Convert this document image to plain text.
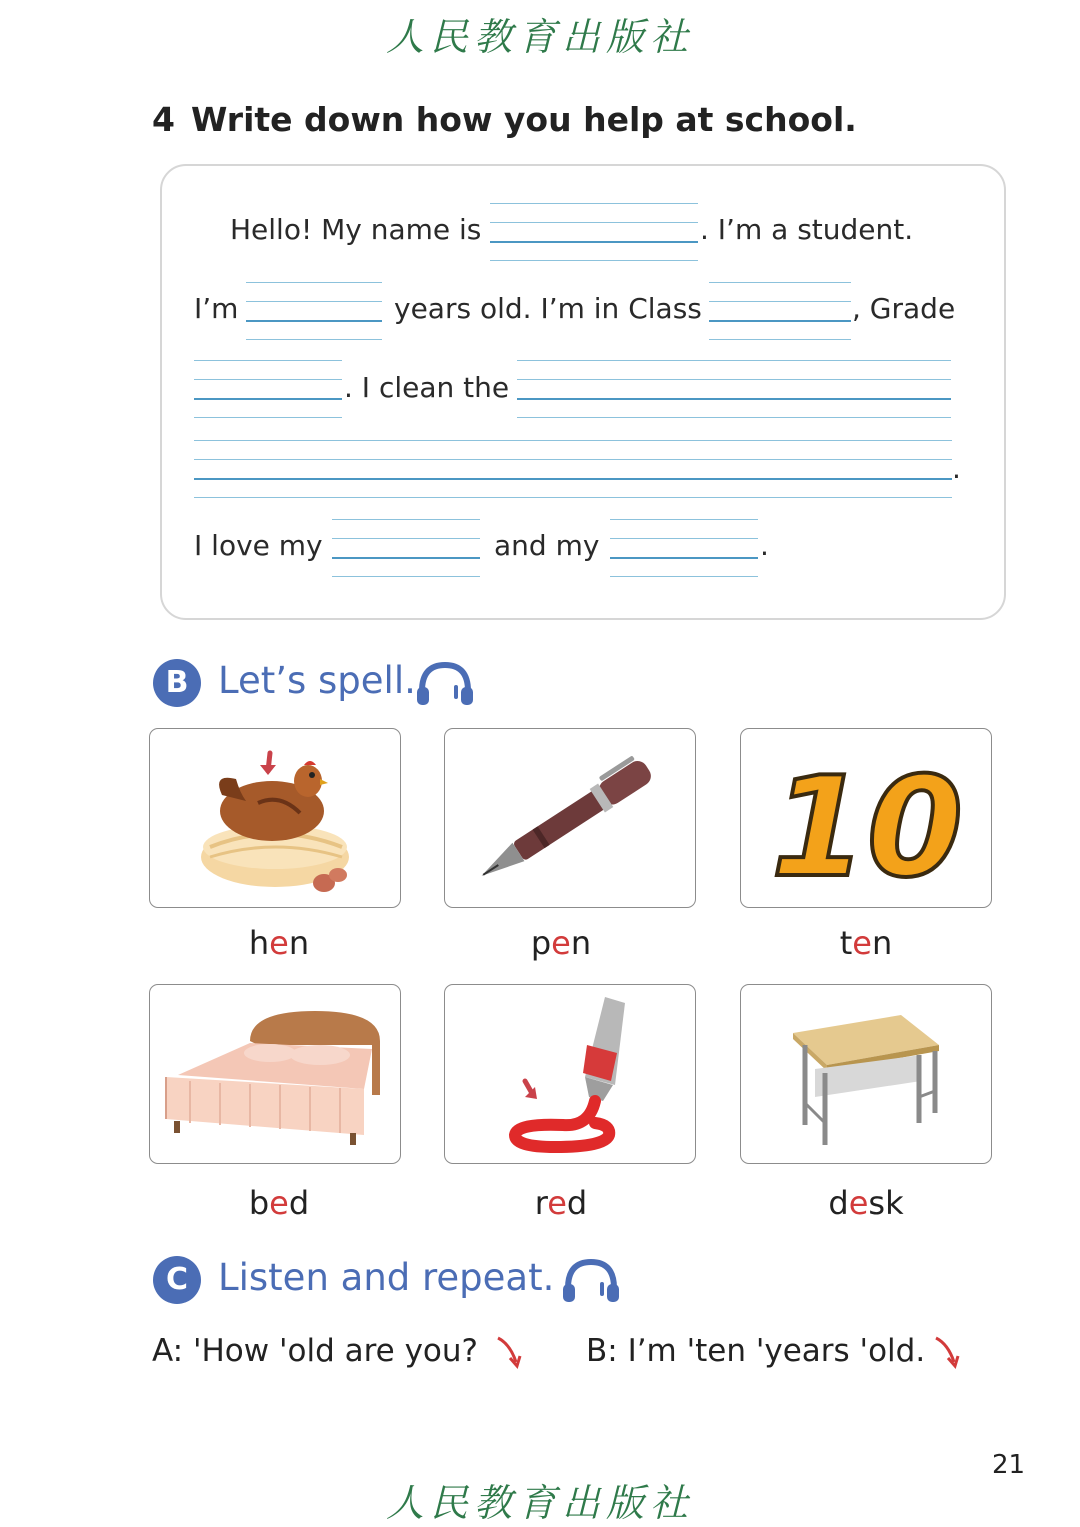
人民教育出版社
4 Write down how you help at school.
Hello! My name is	. I’m a student.
I’m	years old. I’m in Class	, Grade
. I clean the
.
I love my	and my	.
B Let’s spell.
10
hen	pen	ten
bed	red	desk
C Listen and repeat.
A: 'How 'old are you?	B: I’m 'ten 'years 'old.
21
人民教育出版社
